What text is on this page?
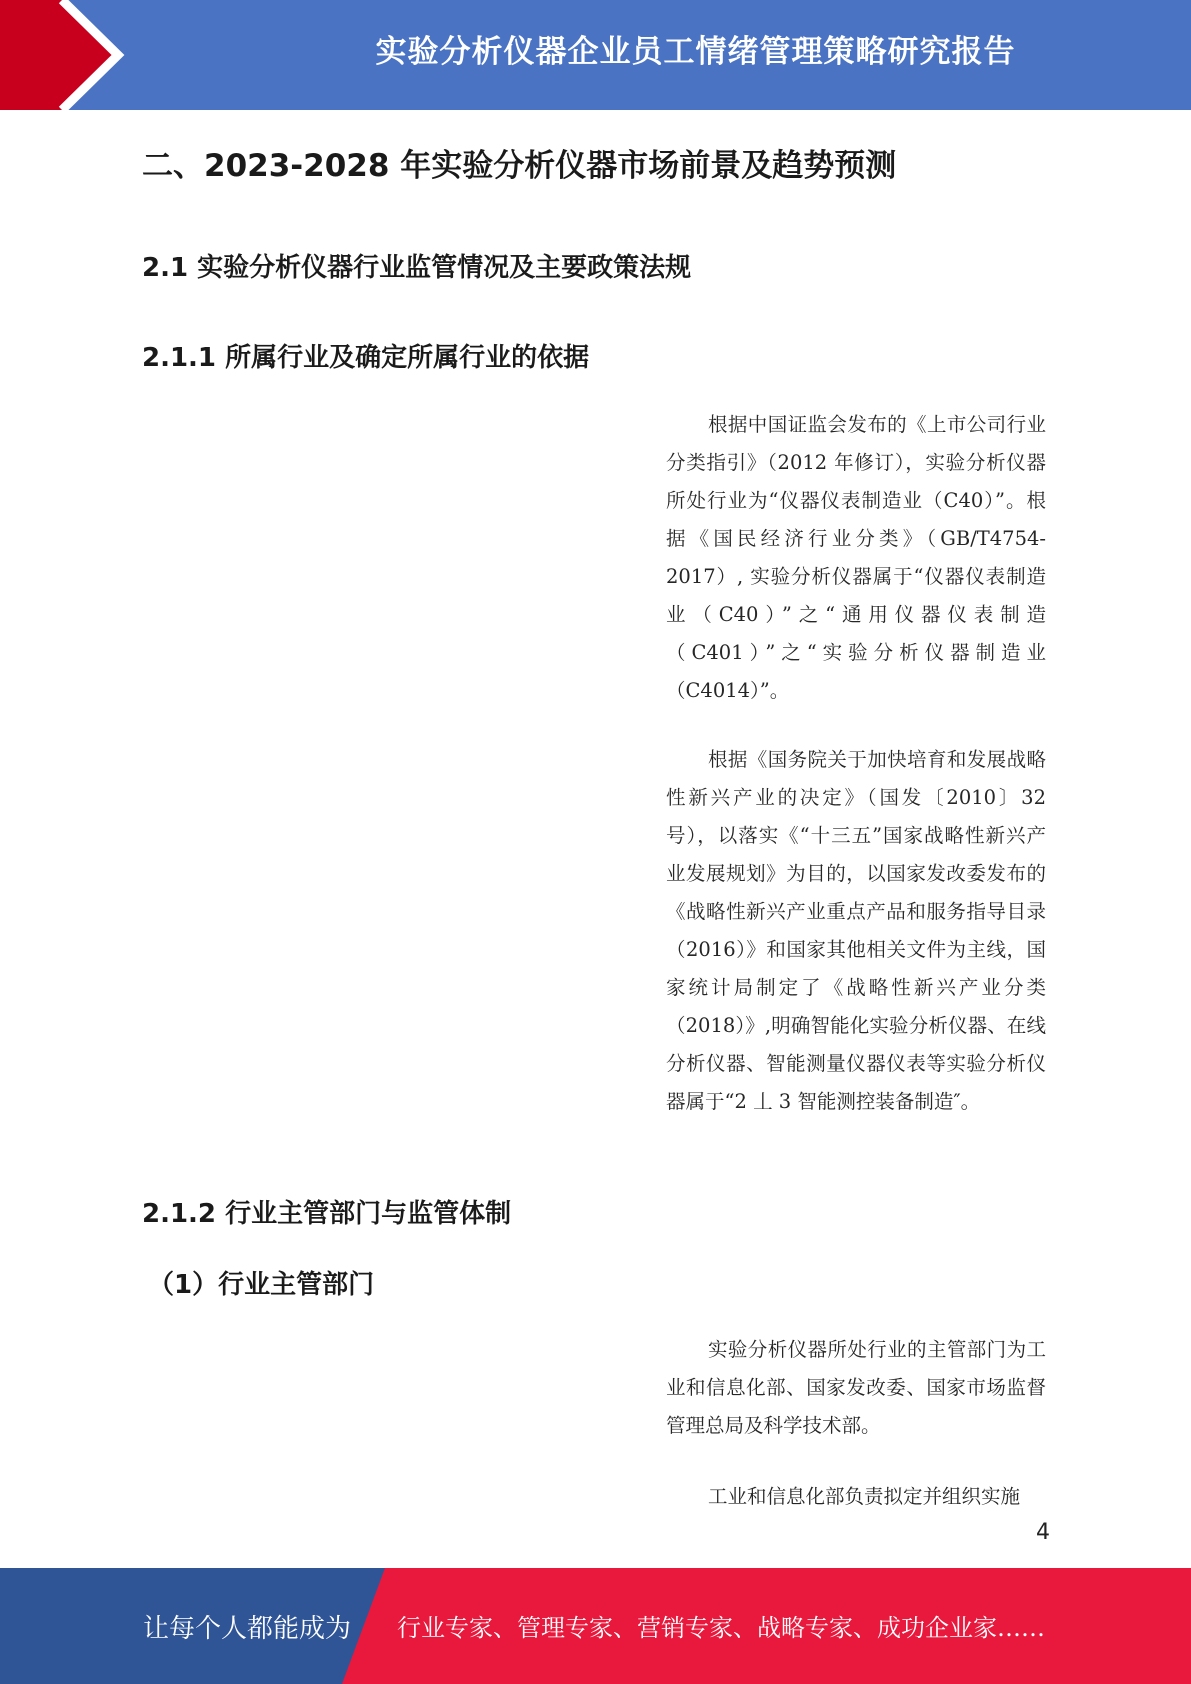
实验分析仪器企业员工情绪管理策略研究报告
二、2023-2028 年实验分析仪器市场前景及趋势预测
2.1 实验分析仪器行业监管情况及主要政策法规
2.1.1 所属行业及确定所属行业的依据

根据中国证监会发布的《上市公司行业分类指引》（2012 年修订），实验分析仪器所处行业为“仪器仪表制造业（C40）”。根据《国民经济行业分类》（GB/T4754-2017）, 实验分析仪器属于“仪器仪表制造业（C40）”之“通用仪器仪表制造（C401）”之“实验分析仪器制造业（C4014）”。

根据《国务院关于加快培育和发展战略性新兴产业的决定》（国发〔2010〕32 号），以落实《“十三五”国家战略性新兴产业发展规划》为目的，以国家发改委发布的《战略性新兴产业重点产品和服务指导目录（2016）》和国家其他相关文件为主线，国家统计局制定了《战略性新兴产业分类（2018）》,明确智能化实验分析仪器、在线分析仪器、智能测量仪器仪表等实验分析仪器属于“2 丄 3 智能测控装备制造″。

2.1.2 行业主管部门与监管体制
（1）行业主管部门

实验分析仪器所处行业的主管部门为工业和信息化部、国家发改委、国家市场监督管理总局及科学技术部。

工业和信息化部负责拟定并组织实施

4
让每个人都能成为 行业专家、管理专家、营销专家、战略专家、成功企业家……
